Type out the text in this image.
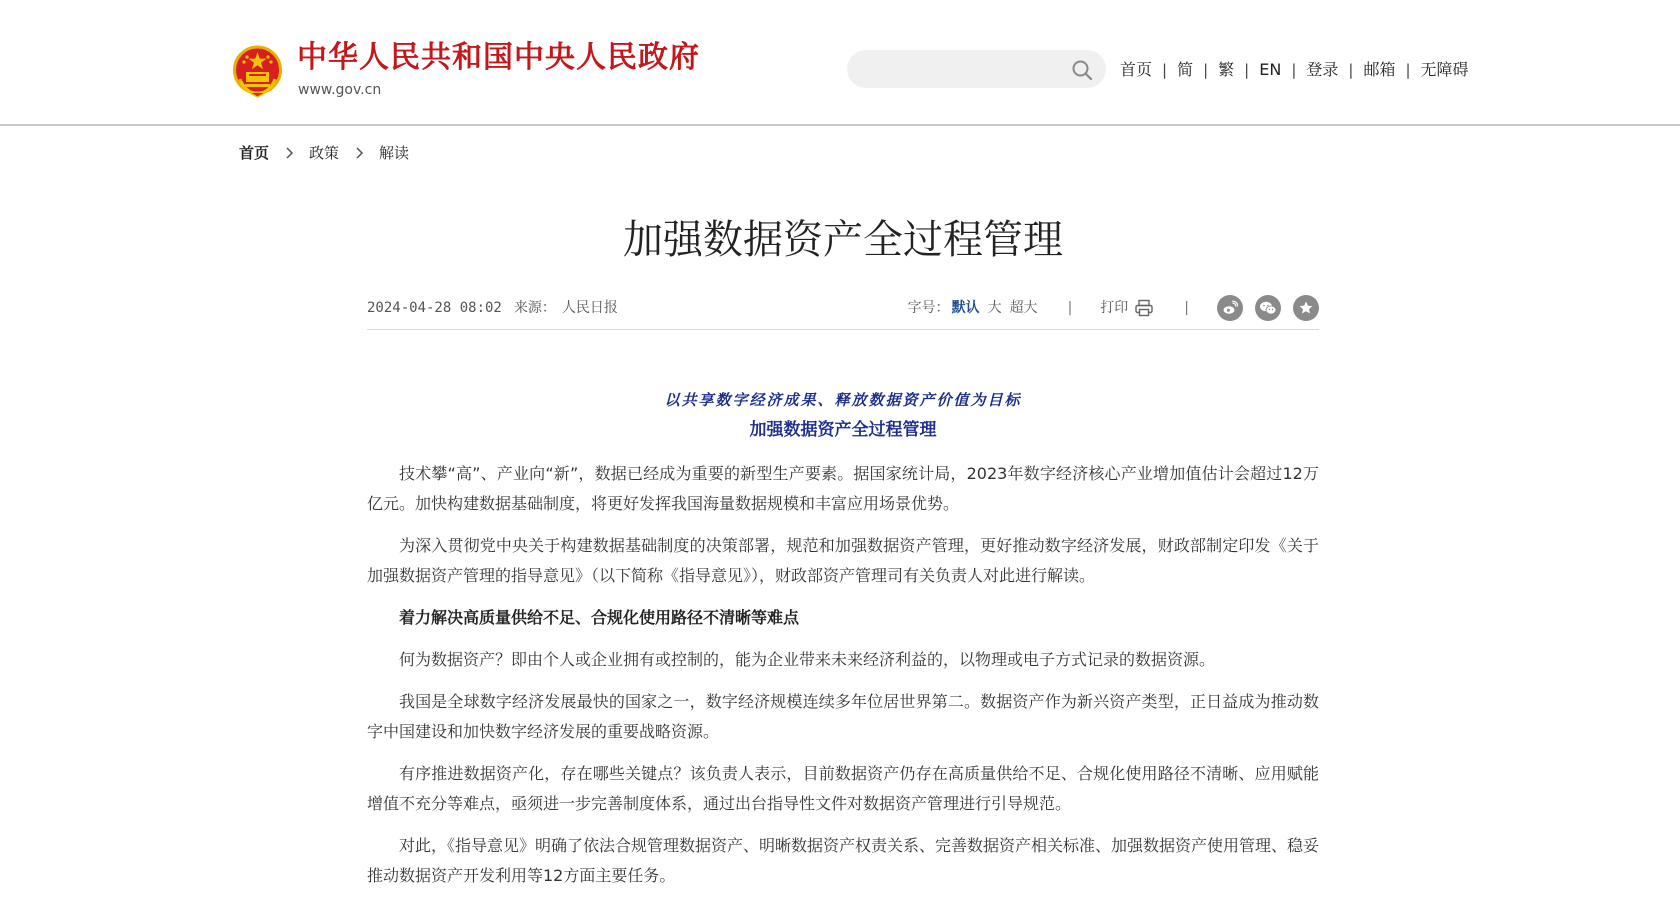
中华人民共和国中央人民政府
www.gov.cn
首页 | 简 | 繁 | EN | 登录 | 邮箱 | 无障碍
首页	政策	解读
加强数据资产全过程管理
2024-04-28 08:02 来源： 人民日报	字号： 默认 大 超大 | 打印	|
以共享数字经济成果、释放数据资产价值为目标
加强数据资产全过程管理

技术攀“高”、产业向“新”，数据已经成为重要的新型生产要素。据国家统计局，2023年数字经济核心产业增加值估计会超过12万亿元。加快构建数据基础制度，将更好发挥我国海量数据规模和丰富应用场景优势。

为深入贯彻党中央关于构建数据基础制度的决策部署，规范和加强数据资产管理，更好推动数字经济发展，财政部制定印发《关于加强数据资产管理的指导意见》（以下简称《指导意见》），财政部资产管理司有关负责人对此进行解读。

着力解决高质量供给不足、合规化使用路径不清晰等难点

何为数据资产？即由个人或企业拥有或控制的，能为企业带来未来经济利益的，以物理或电子方式记录的数据资源。

我国是全球数字经济发展最快的国家之一，数字经济规模连续多年位居世界第二。数据资产作为新兴资产类型，正日益成为推动数字中国建设和加快数字经济发展的重要战略资源。

有序推进数据资产化，存在哪些关键点？该负责人表示，目前数据资产仍存在高质量供给不足、合规化使用路径不清晰、应用赋能增值不充分等难点，亟须进一步完善制度体系，通过出台指导性文件对数据资产管理进行引导规范。

对此，《指导意见》明确了依法合规管理数据资产、明晰数据资产权责关系、完善数据资产相关标准、加强数据资产使用管理、稳妥推动数据资产开发利用等12方面主要任务。
